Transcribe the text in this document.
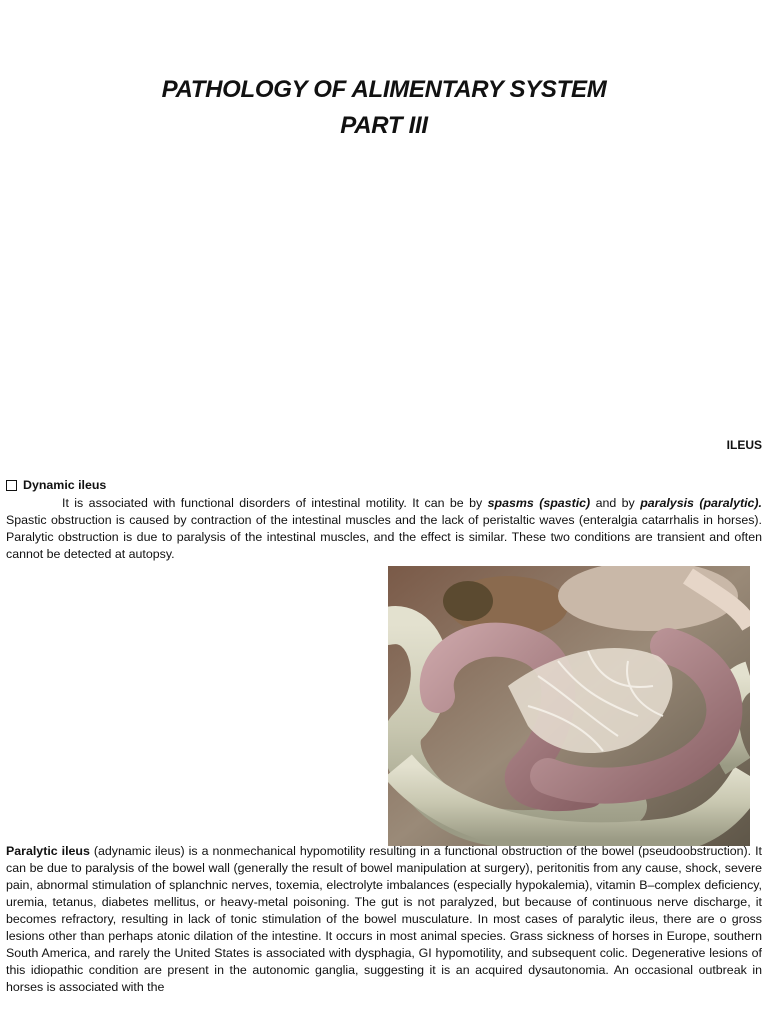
PATHOLOGY OF ALIMENTARY SYSTEM
PART III
ILEUS
Dynamic ileus
It is associated with functional disorders of intestinal motility. It can be by spasms (spastic) and by paralysis (paralytic). Spastic obstruction is caused by contraction of the intestinal muscles and the lack of peristaltic waves (enteralgia catarrhalis in horses). Paralytic obstruction is due to paralysis of the intestinal muscles, and the effect is similar. These two conditions are transient and often cannot be detected at autopsy.
Paralytic ileus (adynamic ileus) is a nonmechanical hypomotility resulting in a functional obstruction of the bowel (pseudoobstruction). It can be due to paralysis of the bowel wall (generally the result of bowel manipulation at surgery), peritonitis from any cause, shock, severe pain, abnormal stimulation of splanchnic nerves, toxemia, electrolyte imbalances (especially hypokalemia), vitamin B–complex deficiency, uremia, tetanus, diabetes mellitus, or heavy-metal poisoning. The gut is not paralyzed, but because of continuous nerve discharge, it becomes refractory, resulting in lack of tonic stimulation of the bowel musculature. In most cases of paralytic ileus, there are o gross lesions other than perhaps atonic dilation of the intestine. It occurs in most animal species. Grass sickness of horses in Europe, southern South America, and rarely the United States is associated with dysphagia, GI hypomotility, and subsequent colic. Degenerative lesions of this idiopathic condition are present in the autonomic ganglia, suggesting it is an acquired dysautonomia. An occasional outbreak in horses is associated with the
